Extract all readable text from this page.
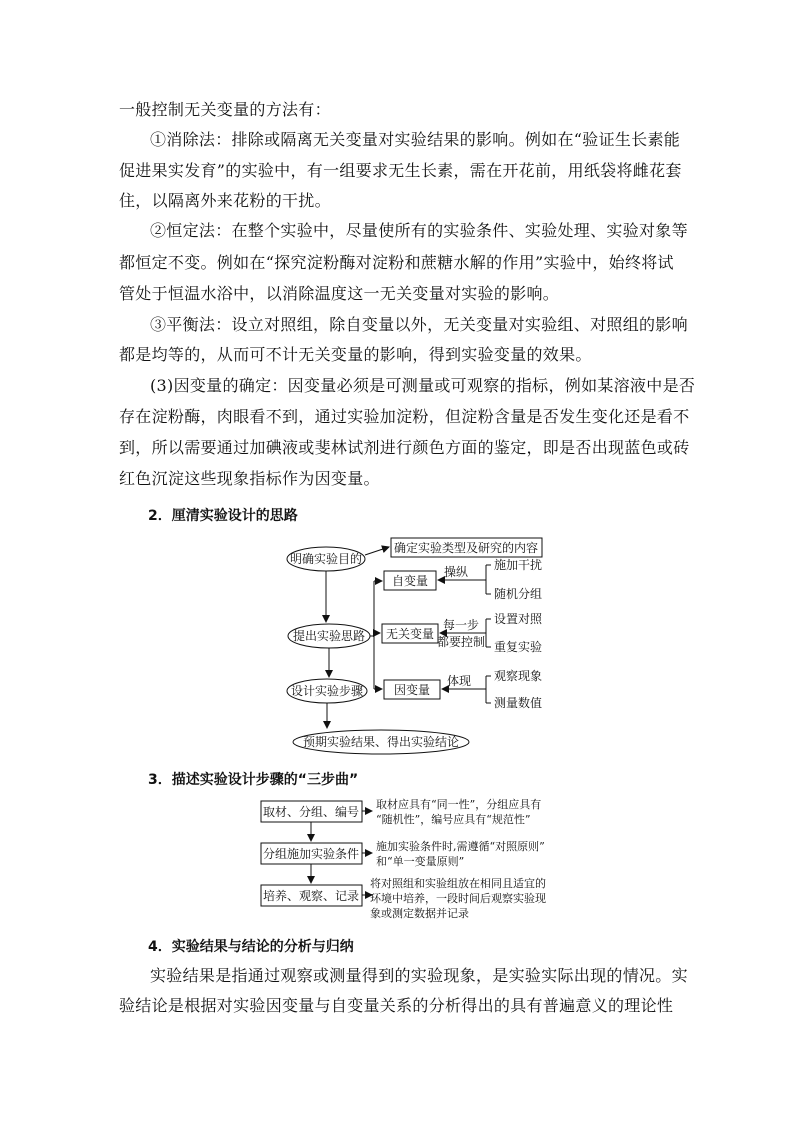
一般控制无关变量的方法有：
①消除法：排除或隔离无关变量对实验结果的影响。例如在“验证生长素能
促进果实发育”的实验中，有一组要求无生长素，需在开花前，用纸袋将雌花套
住，以隔离外来花粉的干扰。
②恒定法：在整个实验中，尽量使所有的实验条件、实验处理、实验对象等
都恒定不变。例如在“探究淀粉酶对淀粉和蔗糖水解的作用”实验中，始终将试
管处于恒温水浴中，以消除温度这一无关变量对实验的影响。
③平衡法：设立对照组，除自变量以外，无关变量对实验组、对照组的影响
都是均等的，从而可不计无关变量的影响，得到实验变量的效果。
(3)因变量的确定：因变量必须是可测量或可观察的指标，例如某溶液中是否
存在淀粉酶，肉眼看不到，通过实验加淀粉，但淀粉含量是否发生变化还是看不
到，所以需要通过加碘液或斐林试剂进行颜色方面的鉴定，即是否出现蓝色或砖
红色沉淀这些现象指标作为因变量。
2．厘清实验设计的思路
明确实验目的
确定实验类型及研究的内容
提出实验思路
设计实验步骤
预期实验结果、得出实验结论
自变量
操纵 施加干扰
随机分组
无关变量
每一步
都要控制
设置对照
重复实验
因变量
体现 观察现象
测量数值
取材、分组、编号
分组施加实验条件
培养、观察、记录
取材应具有“同一性”，分组应具有
“随机性”，编号应具有“规范性”
施加实验条件时,需遵循“对照原则”
和“单一变量原则”
将对照组和实验组放在相同且适宜的
环境中培养，一段时间后观察实验现
象或测定数据并记录
3．描述实验设计步骤的“三步曲”
4．实验结果与结论的分析与归纳
实验结果是指通过观察或测量得到的实验现象，是实验实际出现的情况。实
验结论是根据对实验因变量与自变量关系的分析得出的具有普遍意义的理论性
